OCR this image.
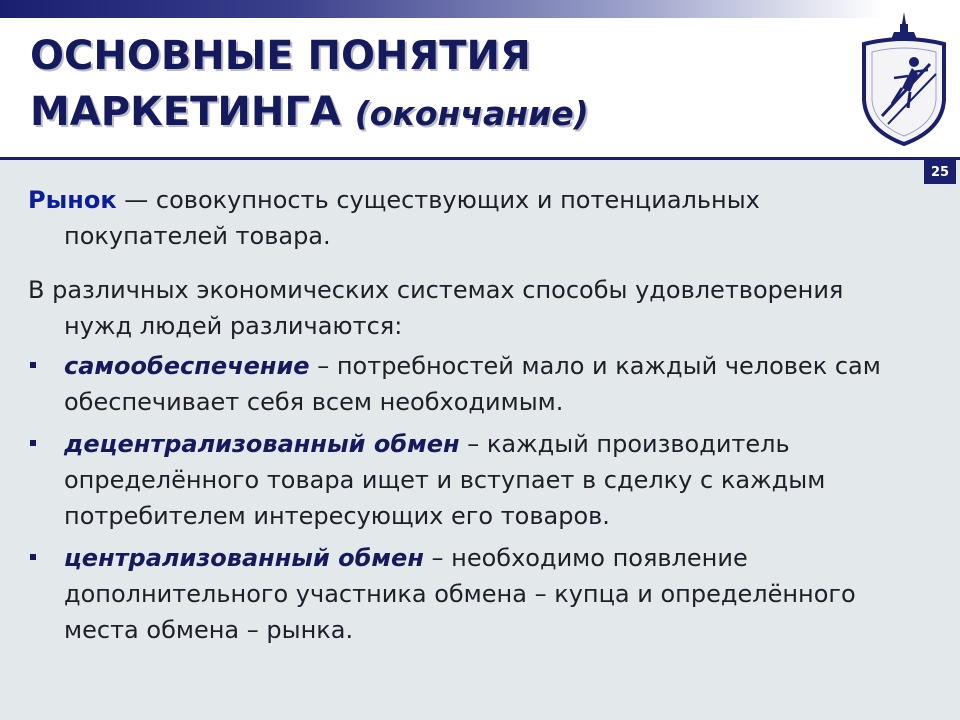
ОСНОВНЫЕ ПОНЯТИЯ
МАРКЕТИНГА (окончание)
25

Рынок — совокупность существующих и потенциальных покупателей товара.

В различных экономических системах способы удовлетворения нужд людей различаются:

самообеспечение – потребностей мало и каждый человек сам обеспечивает себя всем необходимым.
децентрализованный обмен – каждый производитель определённого товара ищет и вступает в сделку с каждым потребителем интересующих его товаров.
централизованный обмен – необходимо появление дополнительного участника обмена – купца и определённого места обмена – рынка.
